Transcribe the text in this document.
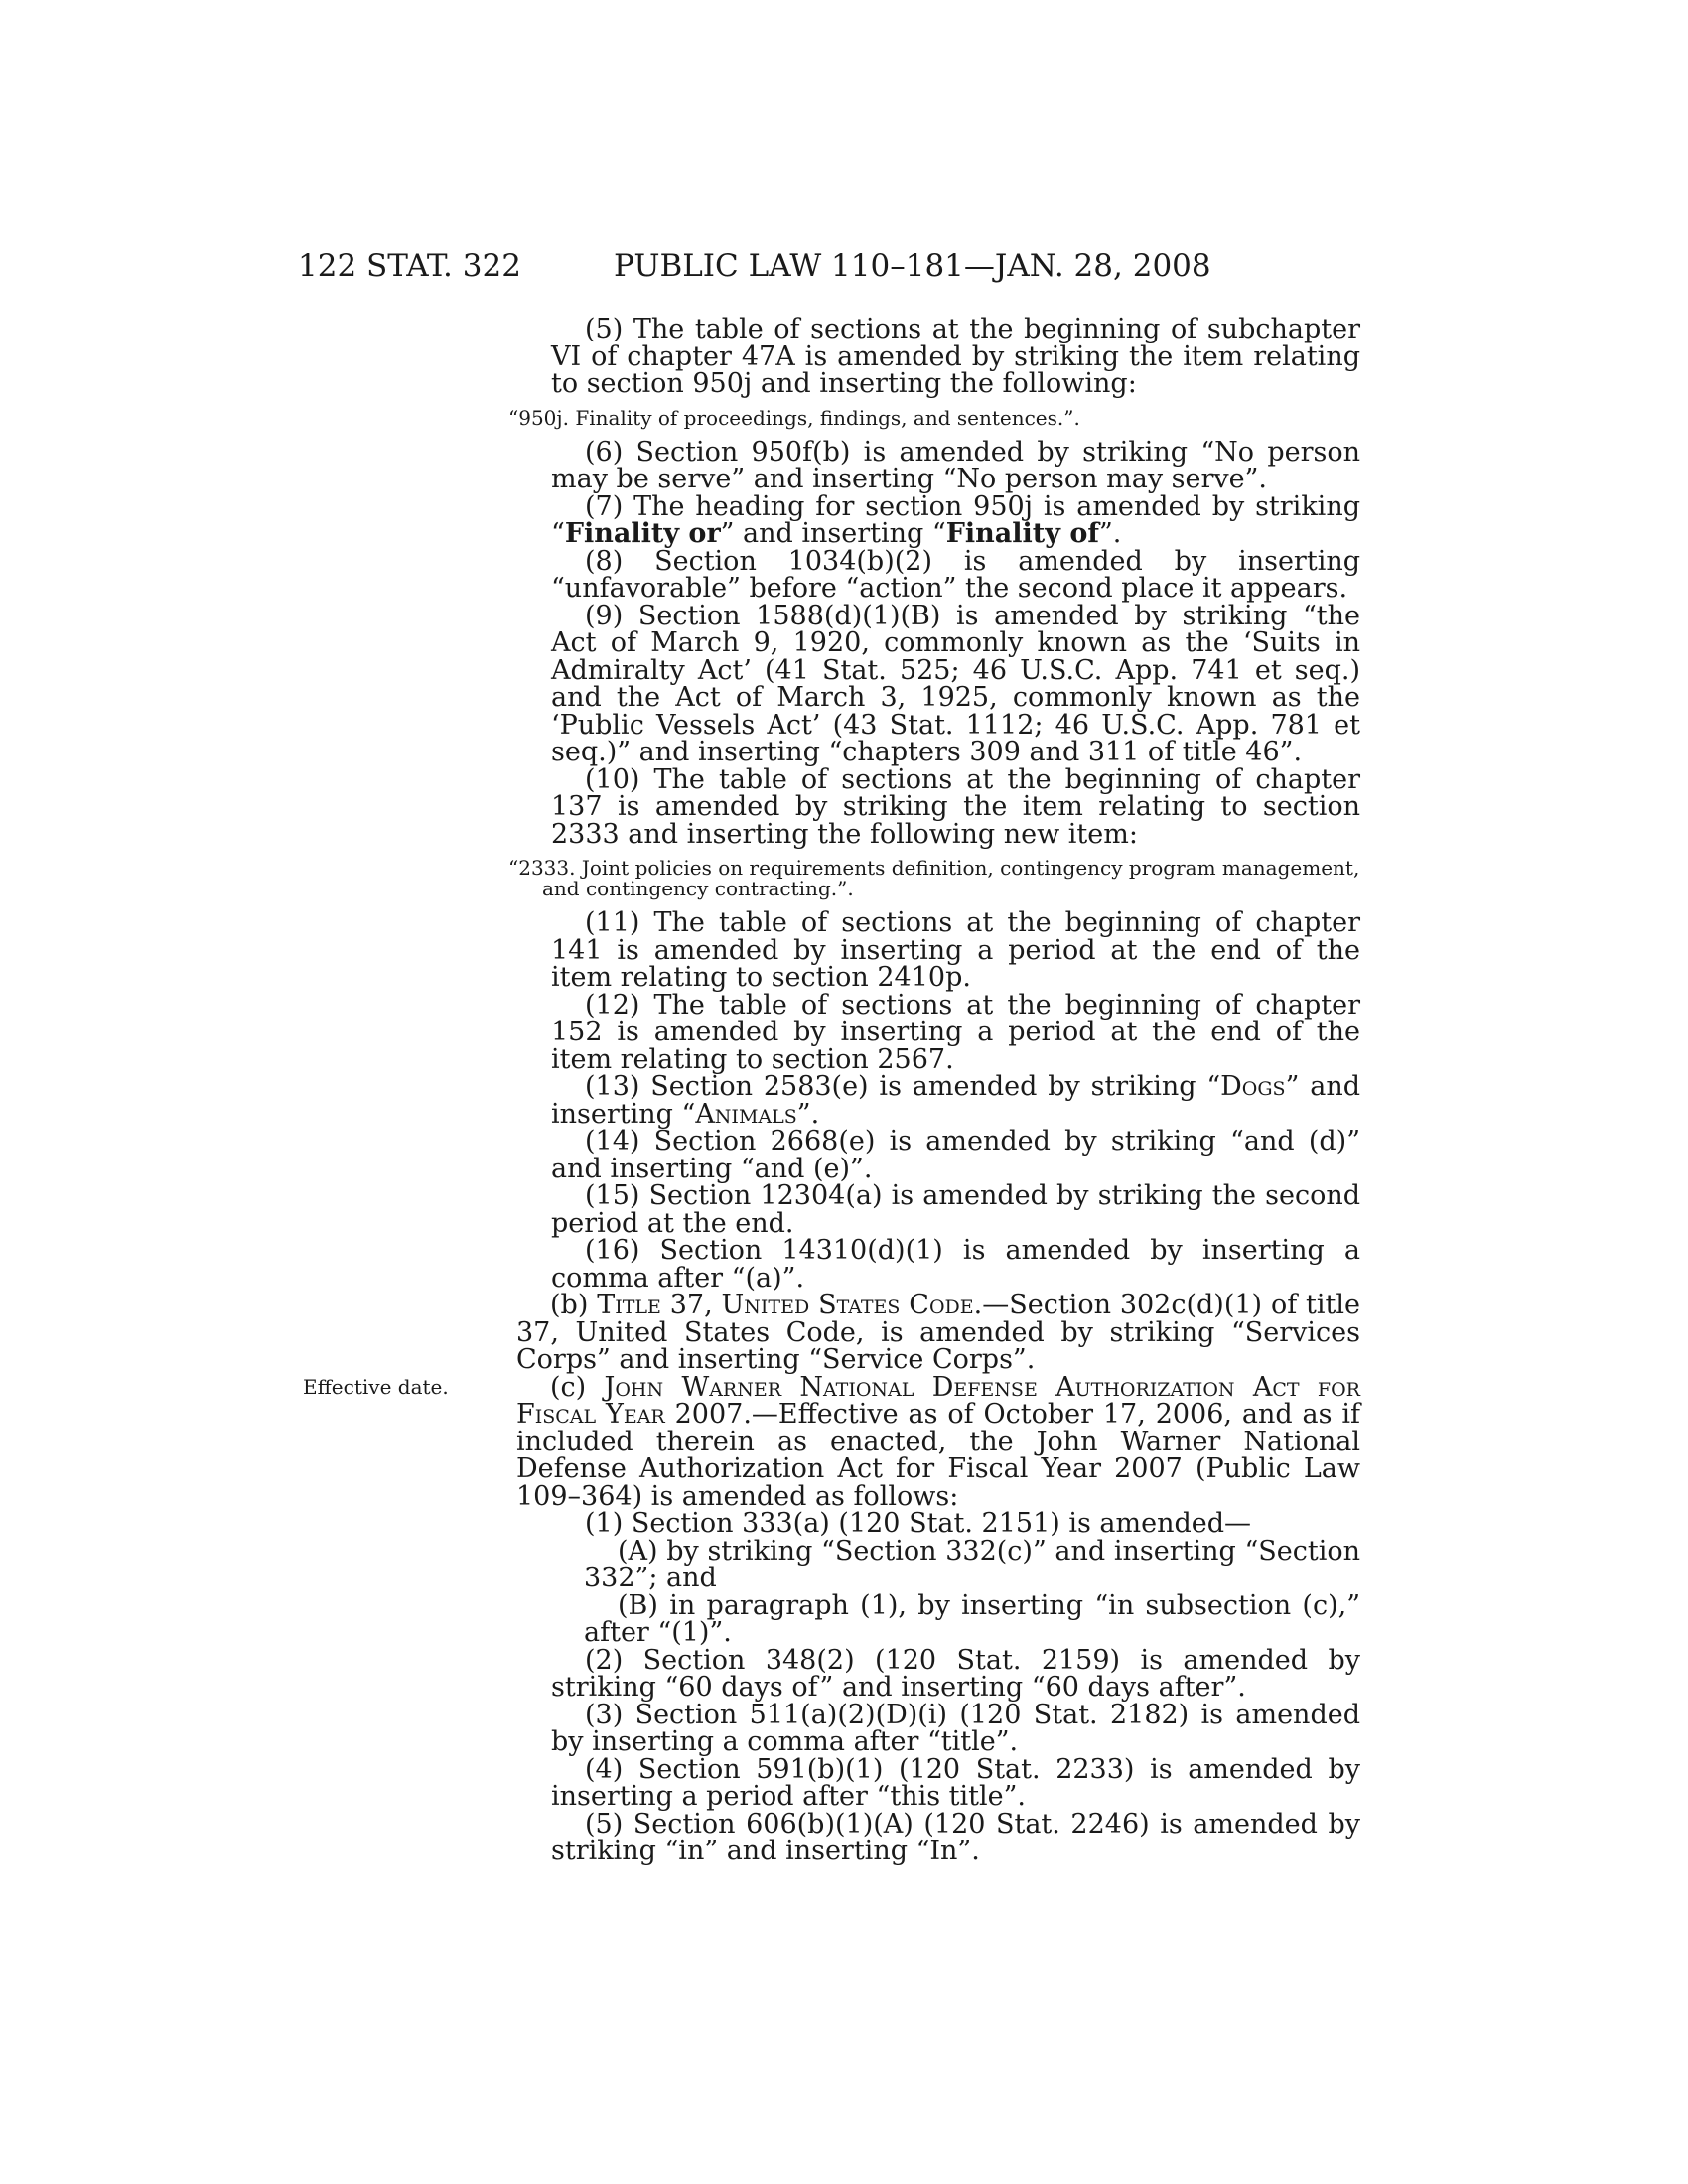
122 STAT. 322	PUBLIC LAW 110–181—JAN. 28, 2008
(5) The table of sections at the beginning of subchapter VI of chapter 47A is amended by striking the item relating to section 950j and inserting the following:
“950j. Finality of proceedings, findings, and sentences.”.
(6) Section 950f(b) is amended by striking “No person may be serve” and inserting “No person may serve”.
(7) The heading for section 950j is amended by striking “Finality or” and inserting “Finality of”.
(8) Section 1034(b)(2) is amended by inserting “unfavorable” before “action” the second place it appears.
(9) Section 1588(d)(1)(B) is amended by striking “the Act of March 9, 1920, commonly known as the ‘Suits in Admiralty Act’ (41 Stat. 525; 46 U.S.C. App. 741 et seq.) and the Act of March 3, 1925, commonly known as the ‘Public Vessels Act’ (43 Stat. 1112; 46 U.S.C. App. 781 et seq.)” and inserting “chapters 309 and 311 of title 46”.
(10) The table of sections at the beginning of chapter 137 is amended by striking the item relating to section 2333 and inserting the following new item:
“2333. Joint policies on requirements definition, contingency program management, and contingency contracting.”.
(11) The table of sections at the beginning of chapter 141 is amended by inserting a period at the end of the item relating to section 2410p.
(12) The table of sections at the beginning of chapter 152 is amended by inserting a period at the end of the item relating to section 2567.
(13) Section 2583(e) is amended by striking “Dogs” and inserting “Animals”.
(14) Section 2668(e) is amended by striking “and (d)” and inserting “and (e)”.
(15) Section 12304(a) is amended by striking the second period at the end.
(16) Section 14310(d)(1) is amended by inserting a comma after “(a)”.
(b) Title 37, United States Code.—Section 302c(d)(1) of title 37, United States Code, is amended by striking “Services Corps” and inserting “Service Corps”.
Effective date.	(c) John Warner National Defense Authorization Act for Fiscal Year 2007.—Effective as of October 17, 2006, and as if included therein as enacted, the John Warner National Defense Authorization Act for Fiscal Year 2007 (Public Law 109–364) is amended as follows:
(1) Section 333(a) (120 Stat. 2151) is amended—
(A) by striking “Section 332(c)” and inserting “Section 332”; and
(B) in paragraph (1), by inserting “in subsection (c),” after “(1)”.
(2) Section 348(2) (120 Stat. 2159) is amended by striking “60 days of” and inserting “60 days after”.
(3) Section 511(a)(2)(D)(i) (120 Stat. 2182) is amended by inserting a comma after “title”.
(4) Section 591(b)(1) (120 Stat. 2233) is amended by inserting a period after “this title”.
(5) Section 606(b)(1)(A) (120 Stat. 2246) is amended by striking “in” and inserting “In”.
